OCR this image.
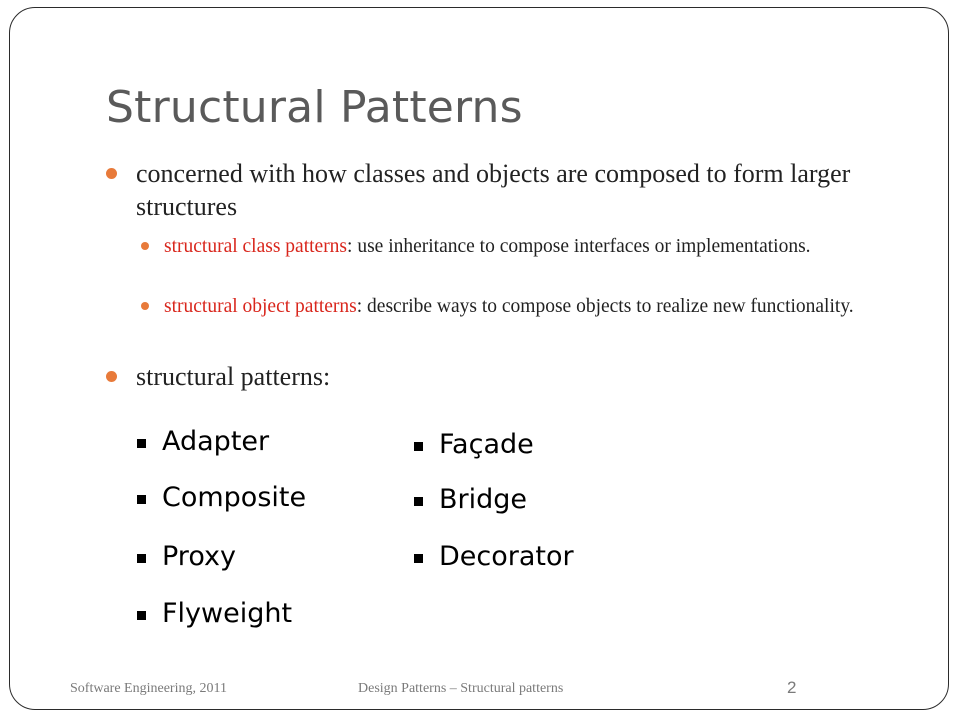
Structural Patterns
concerned with how classes and objects are composed to form larger structures
structural class patterns: use inheritance to compose interfaces or implementations.
structural object patterns: describe ways to compose objects to realize new functionality.
structural patterns:
Adapter
Composite
Proxy
Flyweight
Façade
Bridge
Decorator
Software Engineering, 2011	Design Patterns – Structural patterns	2
